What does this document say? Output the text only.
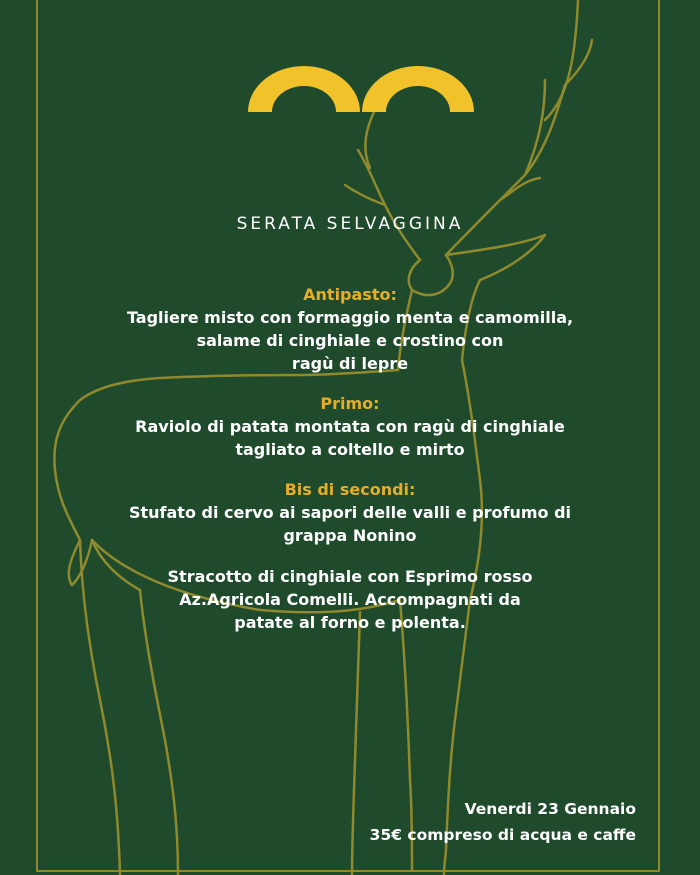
SERATA SELVAGGINA
Antipasto:
Tagliere misto con formaggio menta e camomilla,
salame di cinghiale e crostino con
ragù di lepre
Primo:
Raviolo di patata montata con ragù di cinghiale
tagliato a coltello e mirto
Bis di secondi:
Stufato di cervo ai sapori delle valli e profumo di
grappa Nonino
Stracotto di cinghiale con Esprimo rosso
Az.Agricola Comelli. Accompagnati da
patate al forno e polenta.
Venerdi 23 Gennaio
35€ compreso di acqua e caffe
